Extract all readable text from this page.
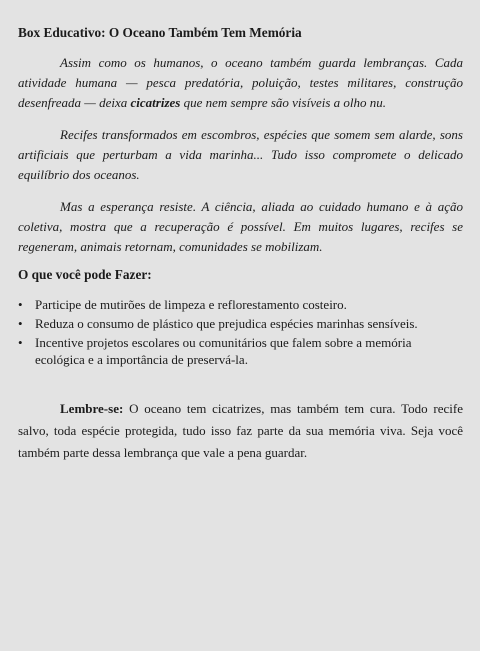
Box Educativo: O Oceano Também Tem Memória

Assim como os humanos, o oceano também guarda lembranças. Cada atividade humana — pesca predatória, poluição, testes militares, construção desenfreada — deixa cicatrizes que nem sempre são visíveis a olho nu.

Recifes transformados em escombros, espécies que somem sem alarde, sons artificiais que perturbam a vida marinha... Tudo isso compromete o delicado equilíbrio dos oceanos.

Mas a esperança resiste. A ciência, aliada ao cuidado humano e à ação coletiva, mostra que a recuperação é possível. Em muitos lugares, recifes se regeneram, animais retornam, comunidades se mobilizam.

O que você pode Fazer:
• Participe de mutirões de limpeza e reflorestamento costeiro.
• Reduza o consumo de plástico que prejudica espécies marinhas sensíveis.
• Incentive projetos escolares ou comunitários que falem sobre a memória ecológica e a importância de preservá-la.

Lembre-se: O oceano tem cicatrizes, mas também tem cura. Todo recife salvo, toda espécie protegida, tudo isso faz parte da sua memória viva. Seja você também parte dessa lembrança que vale a pena guardar.
